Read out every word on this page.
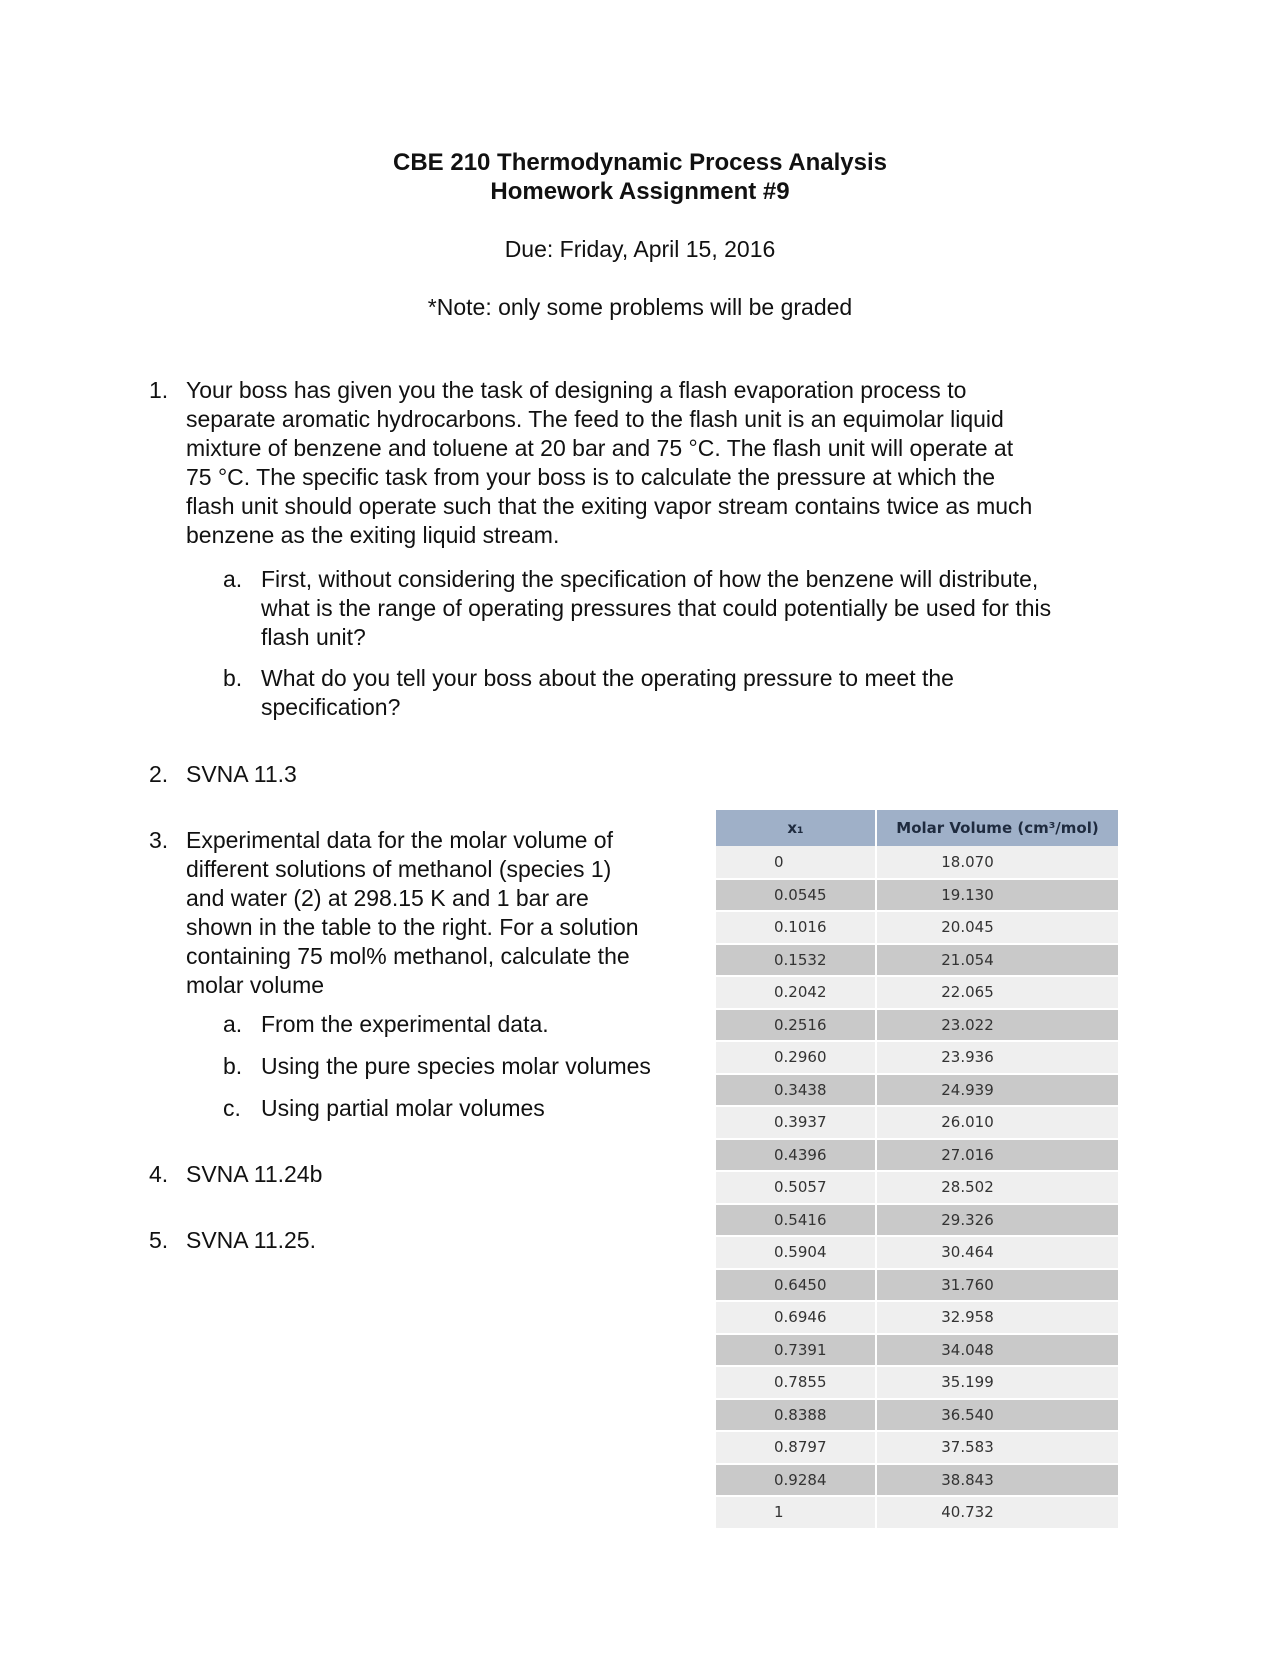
CBE 210 Thermodynamic Process Analysis
Homework Assignment #9
Due: Friday, April 15, 2016
*Note: only some problems will be graded
1. Your boss has given you the task of designing a flash evaporation process to
separate aromatic hydrocarbons. The feed to the flash unit is an equimolar liquid
mixture of benzene and toluene at 20 bar and 75 °C. The flash unit will operate at
75 °C. The specific task from your boss is to calculate the pressure at which the
flash unit should operate such that the exiting vapor stream contains twice as much
benzene as the exiting liquid stream.
a. First, without considering the specification of how the benzene will distribute,
what is the range of operating pressures that could potentially be used for this
flash unit?
b. What do you tell your boss about the operating pressure to meet the
specification?
2. SVNA 11.3
3. Experimental data for the molar volume of
different solutions of methanol (species 1)
and water (2) at 298.15 K and 1 bar are
shown in the table to the right. For a solution
containing 75 mol% methanol, calculate the
molar volume
a. From the experimental data.
b. Using the pure species molar volumes
c. Using partial molar volumes
4. SVNA 11.24b
5. SVNA 11.25.
x₁	Molar Volume (cm³/mol)
0	18.070
0.0545	19.130
0.1016	20.045
0.1532	21.054
0.2042	22.065
0.2516	23.022
0.2960	23.936
0.3438	24.939
0.3937	26.010
0.4396	27.016
0.5057	28.502
0.5416	29.326
0.5904	30.464
0.6450	31.760
0.6946	32.958
0.7391	34.048
0.7855	35.199
0.8388	36.540
0.8797	37.583
0.9284	38.843
1	40.732
